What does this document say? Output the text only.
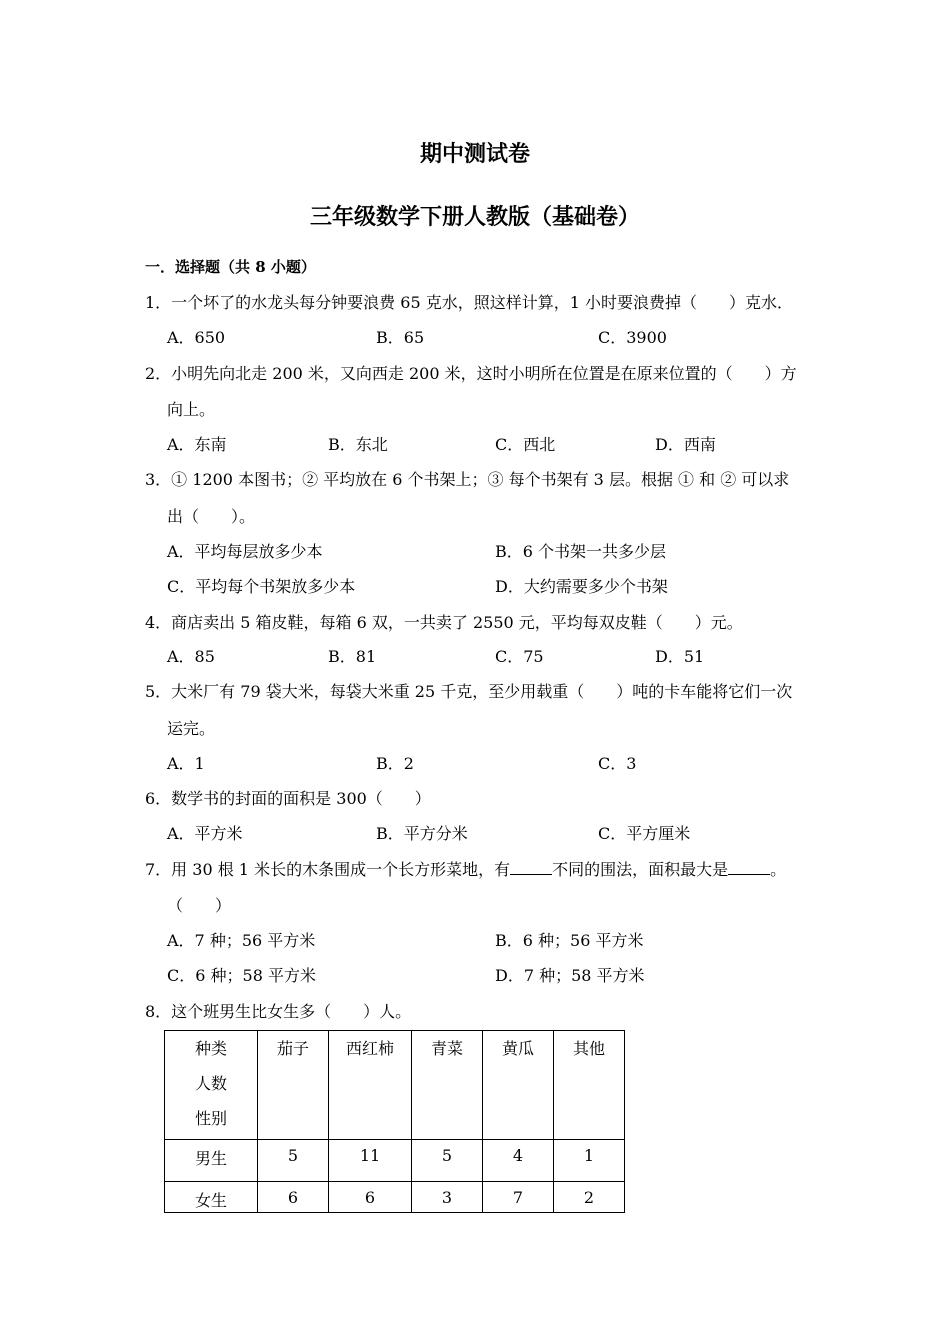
期中测试卷
三年级数学下册人教版（基础卷）
一．选择题（共 8 小题）
1．一个坏了的水龙头每分钟要浪费 65 克水，照这样计算，1 小时要浪费掉（　　）克水．
A．650	B．65	C．3900
2．小明先向北走 200 米，又向西走 200 米，这时小明所在位置是在原来位置的（　　）方
向上。
A．东南	B．东北	C．西北	D．西南
3．① 1200 本图书；② 平均放在 6 个书架上；③ 每个书架有 3 层。根据 ① 和 ② 可以求
出（　　）。
A．平均每层放多少本	B．6 个书架一共多少层
C．平均每个书架放多少本	D．大约需要多少个书架
4．商店卖出 5 箱皮鞋，每箱 6 双，一共卖了 2550 元，平均每双皮鞋（　　）元。
A．85	B．81	C．75	D．51
5．大米厂有 79 袋大米，每袋大米重 25 千克，至少用载重（　　）吨的卡车能将它们一次
运完。
A．1	B．2	C．3
6．数学书的封面的面积是 300（　　）
A．平方米	B．平方分米	C．平方厘米
7．用 30 根 1 米长的木条围成一个长方形菜地，有	不同的围法，面积最大是	。
（　　）
A．7 种；56 平方米	B．6 种；56 平方米
C．6 种；58 平方米	D．7 种；58 平方米
8．这个班男生比女生多（　　）人。
种类
人数
性别	茄子	西红柿	青菜	黄瓜	其他
男生	5	11	5	4	1
女生	6	6	3	7	2
